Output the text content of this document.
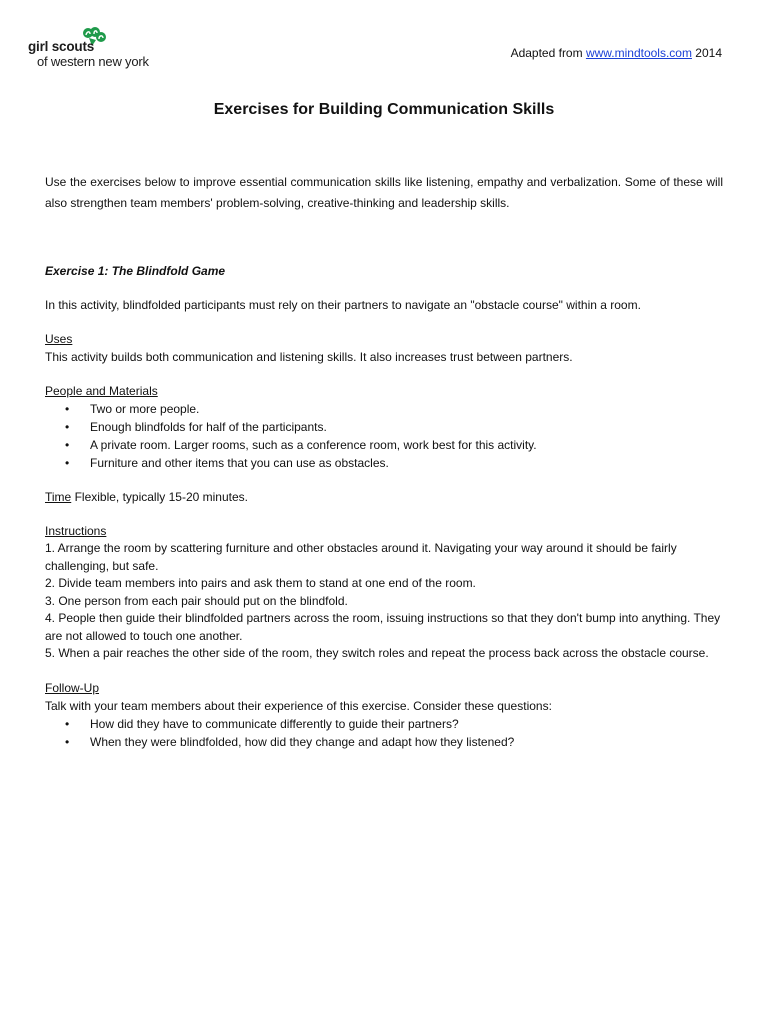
girl scouts
of western new york
Adapted from www.mindtools.com 2014
Exercises for Building Communication Skills

Use the exercises below to improve essential communication skills like listening, empathy and verbalization. Some of these will also strengthen team members' problem-solving, creative-thinking and leadership skills.

Exercise 1: The Blindfold Game

In this activity, blindfolded participants must rely on their partners to navigate an "obstacle course" within a room.

Uses

This activity builds both communication and listening skills. It also increases trust between partners.

People and Materials

• Two or more people.
• Enough blindfolds for half of the participants.
• A private room. Larger rooms, such as a conference room, work best for this activity.
• Furniture and other items that you can use as obstacles.

Time Flexible, typically 15-20 minutes.

Instructions

1. Arrange the room by scattering furniture and other obstacles around it. Navigating your way around it should be fairly challenging, but safe.
2. Divide team members into pairs and ask them to stand at one end of the room.
3. One person from each pair should put on the blindfold.
4. People then guide their blindfolded partners across the room, issuing instructions so that they don't bump into anything. They are not allowed to touch one another.
5. When a pair reaches the other side of the room, they switch roles and repeat the process back across the obstacle course.

Follow-Up

Talk with your team members about their experience of this exercise. Consider these questions:

• How did they have to communicate differently to guide their partners?
• When they were blindfolded, how did they change and adapt how they listened?
